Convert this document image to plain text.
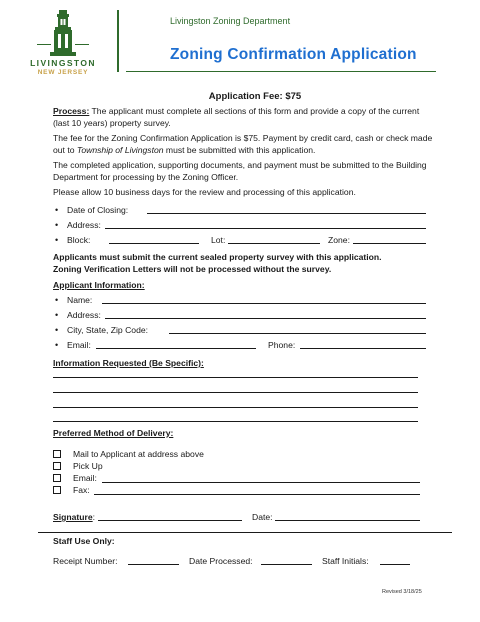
LIVINGSTON
NEW JERSEY
Livingston Zoning Department
Zoning Confirmation Application
Application Fee: $75
Process: The applicant must complete all sections of this form and provide a copy of the current (last 10 years) property survey.
The fee for the Zoning Confirmation Application is $75. Payment by credit card, cash or check made out to Township of Livingston must be submitted with this application.
The completed application, supporting documents, and payment must be submitted to the Building Department for processing by the Zoning Officer.
Please allow 10 business days for the review and processing of this application.
• Date of Closing:
• Address:
• Block:	Lot:	Zone:
Applicants must submit the current sealed property survey with this application.
Zoning Verification Letters will not be processed without the survey.
Applicant Information:
• Name:
• Address:
• City, State, Zip Code:
• Email:	Phone:
Information Requested (Be Specific):
Preferred Method of Delivery:
Mail to Applicant at address above
Pick Up
Email:
Fax:
Signature:	Date:
Staff Use Only:
Receipt Number:	Date Processed:	Staff Initials:
Revised 3/18/25
